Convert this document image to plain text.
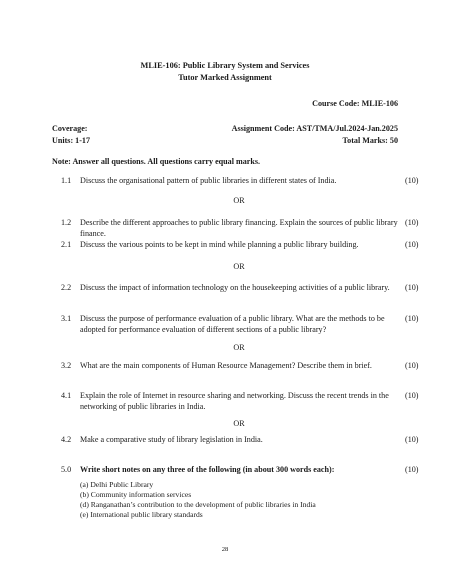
MLIE-106: Public Library System and Services
Tutor Marked Assignment
Course Code: MLIE-106
Coverage:	Assignment Code: AST/TMA/Jul.2024-Jan.2025
Units: 1-17	Total Marks: 50
Note: Answer all questions. All questions carry equal marks.
1.1 Discuss the organisational pattern of public libraries in different states of India.	(10)
OR
1.2 Describe the different approaches to public library financing. Explain the sources of public library finance.
(10)
2.1 Discuss the various points to be kept in mind while planning a public library building.	(10)
OR
2.2 Discuss the impact of information technology on the housekeeping activities of a public library.	(10)
3.1 Discuss the purpose of performance evaluation of a public library. What are the methods to be adopted for performance evaluation of different sections of a public library?
(10)
OR
3.2 What are the main components of Human Resource Management? Describe them in brief.	(10)
4.1 Explain the role of Internet in resource sharing and networking. Discuss the recent trends in the networking of public libraries in India.
(10)
OR
4.2 Make a comparative study of library legislation in India.	(10)
5.0 Write short notes on any three of the following (in about 300 words each):	(10)
(a) Delhi Public Library
(b) Community information services
(d) Ranganathan’s contribution to the development of public libraries in India
(e) International public library standards
28
